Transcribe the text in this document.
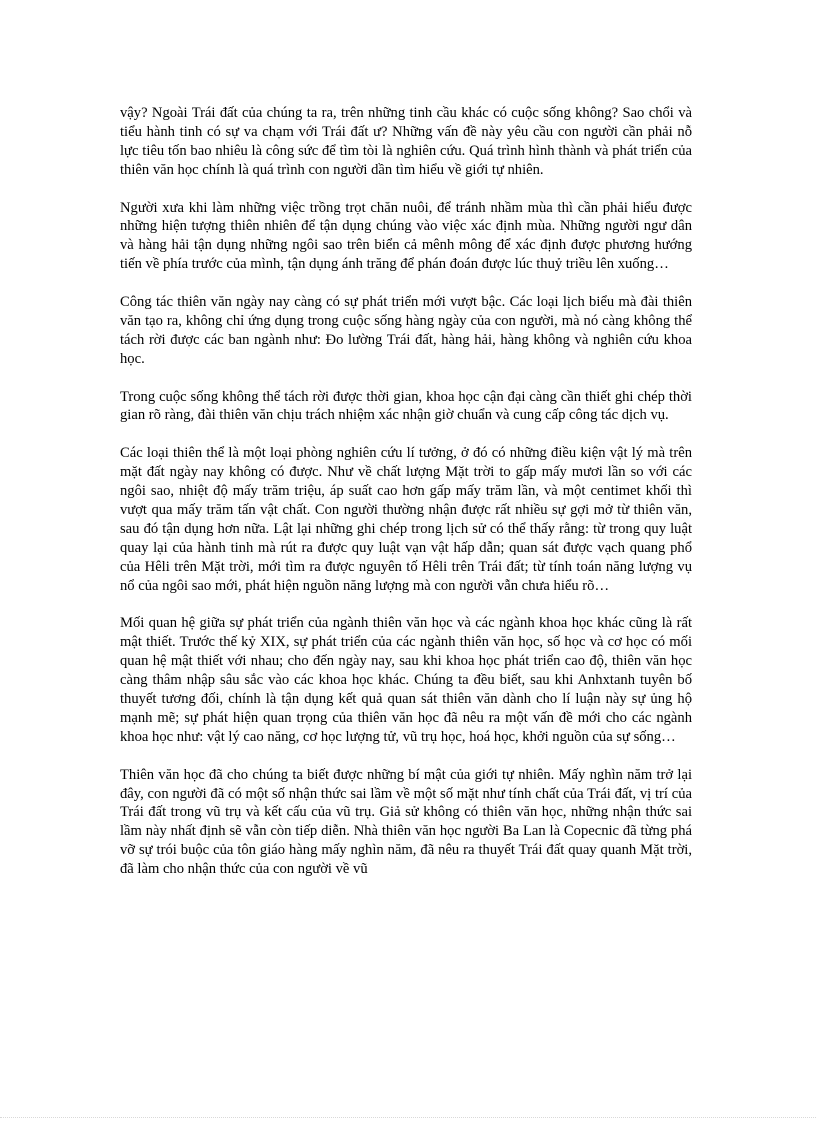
vậy? Ngoài Trái đất của chúng ta ra, trên những tinh cầu khác có cuộc sống không? Sao chổi và tiểu hành tinh có sự va chạm với Trái đất ư? Những vấn đề này yêu cầu con người cần phải nỗ lực tiêu tốn bao nhiêu là công sức để tìm tòi là nghiên cứu. Quá trình hình thành và phát triển của thiên văn học chính là quá trình con người dần tìm hiểu về giới tự nhiên.

Người xưa khi làm những việc trồng trọt chăn nuôi, để tránh nhầm mùa thì cần phải hiểu được những hiện tượng thiên nhiên để tận dụng chúng vào việc xác định mùa. Những người ngư dân và hàng hải tận dụng những ngôi sao trên biển cả mênh mông để xác định được phương hướng tiến về phía trước của mình, tận dụng ánh trăng để phán đoán được lúc thuỷ triều lên xuống…

Công tác thiên văn ngày nay càng có sự phát triển mới vượt bậc. Các loại lịch biểu mà đài thiên văn tạo ra, không chỉ ứng dụng trong cuộc sống hàng ngày của con người, mà nó càng không thể tách rời được các ban ngành như: Đo lường Trái đất, hàng hải, hàng không và nghiên cứu khoa học.

Trong cuộc sống không thể tách rời được thời gian, khoa học cận đại càng cần thiết ghi chép thời gian rõ ràng, đài thiên văn chịu trách nhiệm xác nhận giờ chuẩn và cung cấp công tác dịch vụ.

Các loại thiên thể là một loại phòng nghiên cứu lí tưởng, ở đó có những điều kiện vật lý mà trên mặt đất ngày nay không có được. Như về chất lượng Mặt trời to gấp mấy mươi lần so với các ngôi sao, nhiệt độ mấy trăm triệu, áp suất cao hơn gấp mấy trăm lần, và một centimet khối thì vượt qua mấy trăm tấn vật chất. Con người thường nhận được rất nhiều sự gợi mở từ thiên văn, sau đó tận dụng hơn nữa. Lật lại những ghi chép trong lịch sử có thể thấy rằng: từ trong quy luật quay lại của hành tinh mà rút ra được quy luật vạn vật hấp dẫn; quan sát được vạch quang phổ của Hêli trên Mặt trời, mới tìm ra được nguyên tố Hêli trên Trái đất; từ tính toán năng lượng vụ nổ của ngôi sao mới, phát hiện nguồn năng lượng mà con người vẫn chưa hiểu rõ…

Mối quan hệ giữa sự phát triển của ngành thiên văn học và các ngành khoa học khác cũng là rất mật thiết. Trước thế kỷ XIX, sự phát triển của các ngành thiên văn học, số học và cơ học có mối quan hệ mật thiết với nhau; cho đến ngày nay, sau khi khoa học phát triển cao độ, thiên văn học càng thâm nhập sâu sắc vào các khoa học khác. Chúng ta đều biết, sau khi Anhxtanh tuyên bố thuyết tương đối, chính là tận dụng kết quả quan sát thiên văn dành cho lí luận này sự ủng hộ mạnh mẽ; sự phát hiện quan trọng của thiên văn học đã nêu ra một vấn đề mới cho các ngành khoa học như: vật lý cao năng, cơ học lượng tử, vũ trụ học, hoá học, khởi nguồn của sự sống…

Thiên văn học đã cho chúng ta biết được những bí mật của giới tự nhiên. Mấy nghìn năm trở lại đây, con người đã có một số nhận thức sai lầm về một số mặt như tính chất của Trái đất, vị trí của Trái đất trong vũ trụ và kết cấu của vũ trụ. Giả sử không có thiên văn học, những nhận thức sai lầm này nhất định sẽ vẫn còn tiếp diễn. Nhà thiên văn học người Ba Lan là Copecnic đã từng phá vỡ sự trói buộc của tôn giáo hàng mấy nghìn năm, đã nêu ra thuyết Trái đất quay quanh Mặt trời, đã làm cho nhận thức của con người về vũ
